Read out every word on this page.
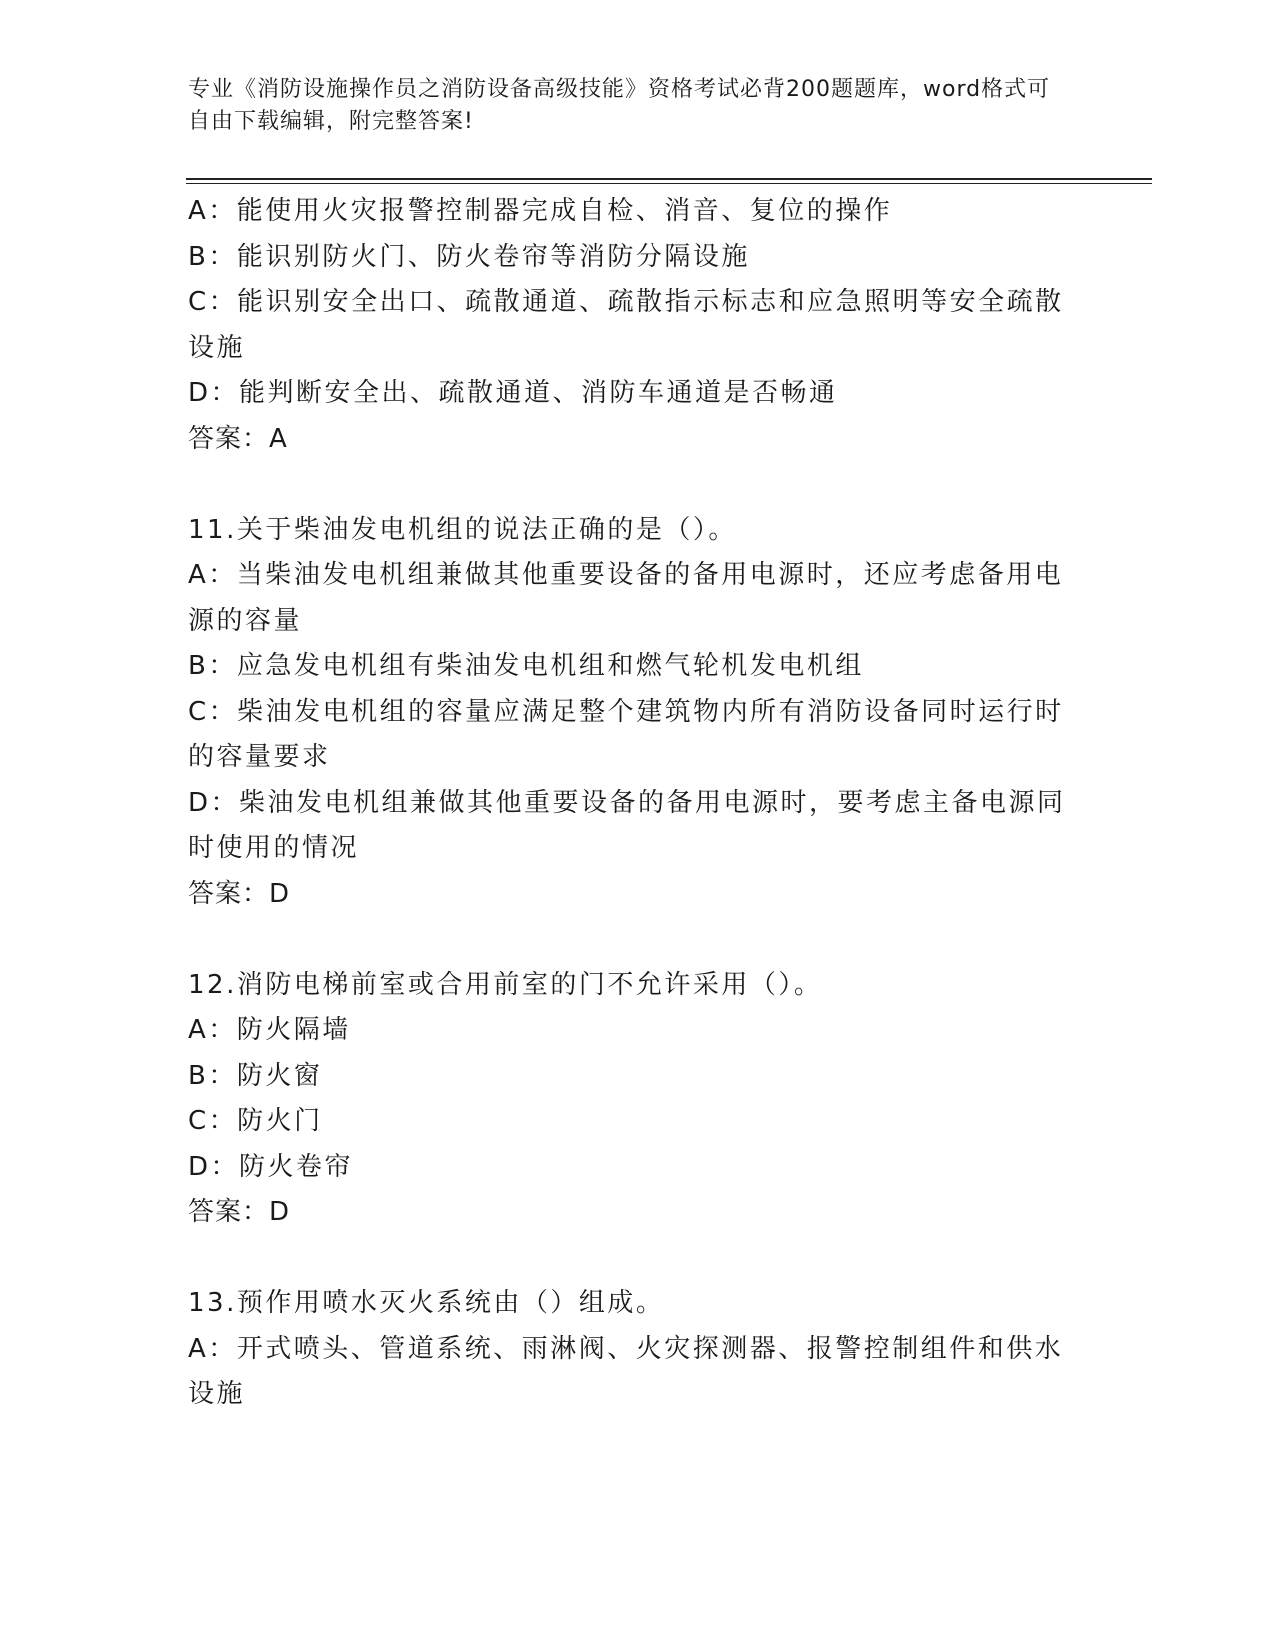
专业《消防设施操作员之消防设备高级技能》资格考试必背200题题库，word格式可自由下载编辑，附完整答案!

A：能使用火灾报警控制器完成自检、消音、复位的操作

B：能识别防火门、防火卷帘等消防分隔设施

C：能识别安全出口、疏散通道、疏散指示标志和应急照明等安全疏散设施

D：能判断安全出、疏散通道、消防车通道是否畅通

答案：A

11.关于柴油发电机组的说法正确的是（）。

A：当柴油发电机组兼做其他重要设备的备用电源时，还应考虑备用电源的容量

B：应急发电机组有柴油发电机组和燃气轮机发电机组

C：柴油发电机组的容量应满足整个建筑物内所有消防设备同时运行时的容量要求

D：柴油发电机组兼做其他重要设备的备用电源时，要考虑主备电源同时使用的情况

答案：D

12.消防电梯前室或合用前室的门不允许采用（）。

A：防火隔墙

B：防火窗

C：防火门

D：防火卷帘

答案：D

13.预作用喷水灭火系统由（）组成。

A：开式喷头、管道系统、雨淋阀、火灾探测器、报警控制组件和供水设施
